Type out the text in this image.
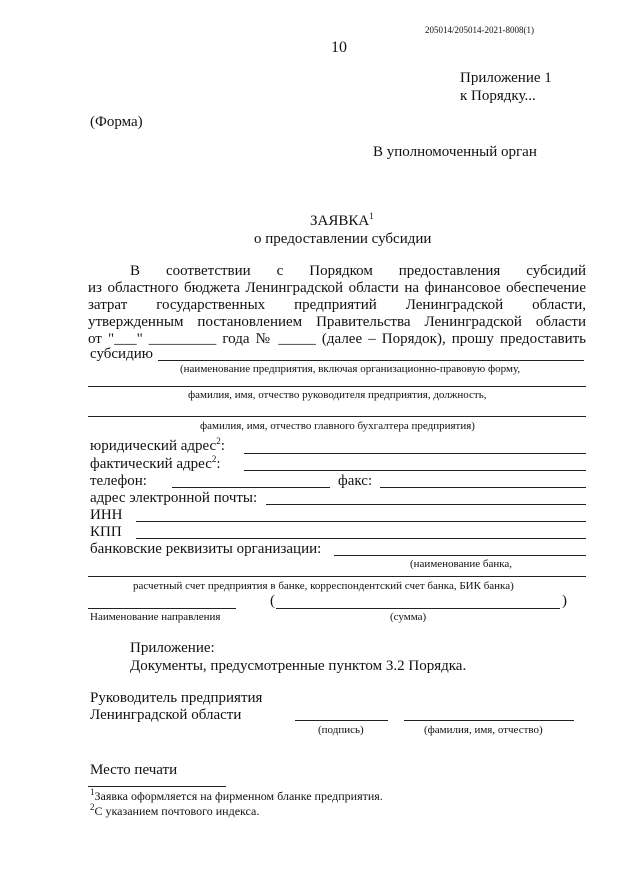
205014/205014-2021-8008(1)
10
Приложение 1
к Порядку...
(Форма)
В уполномоченный орган
ЗАЯВКА$^1$
о предоставлении субсидии
В соответствии с Порядком предоставления субсидий
из областного бюджета Ленинградской области на финансовое обеспечение
затрат государственных предприятий Ленинградской области,
утвержденным постановлением Правительства Ленинградской области
от "___" _________ года № _____ (далее – Порядок), прошу предоставить
субсидию
(наименование предприятия, включая организационно-правовую форму,
фамилия, имя, отчество руководителя предприятия, должность,
фамилия, имя, отчество главного бухгалтера предприятия)
юридический адрес$^2$:
фактический адрес$^2$:
телефон:	факс:
адрес электронной почты:
ИНН
КПП
банковские реквизиты организации:
(наименование банка,
расчетный счет предприятия в банке, корреспондентский счет банка, БИК банка)
(	)
Наименование направления	(сумма)
Приложение:
Документы, предусмотренные пунктом 3.2 Порядка.
Руководитель предприятия
Ленинградской области
(подпись)	(фамилия, имя, отчество)
Место печати
$^1$Заявка оформляется на фирменном бланке предприятия.
$^2$С указанием почтового индекса.
